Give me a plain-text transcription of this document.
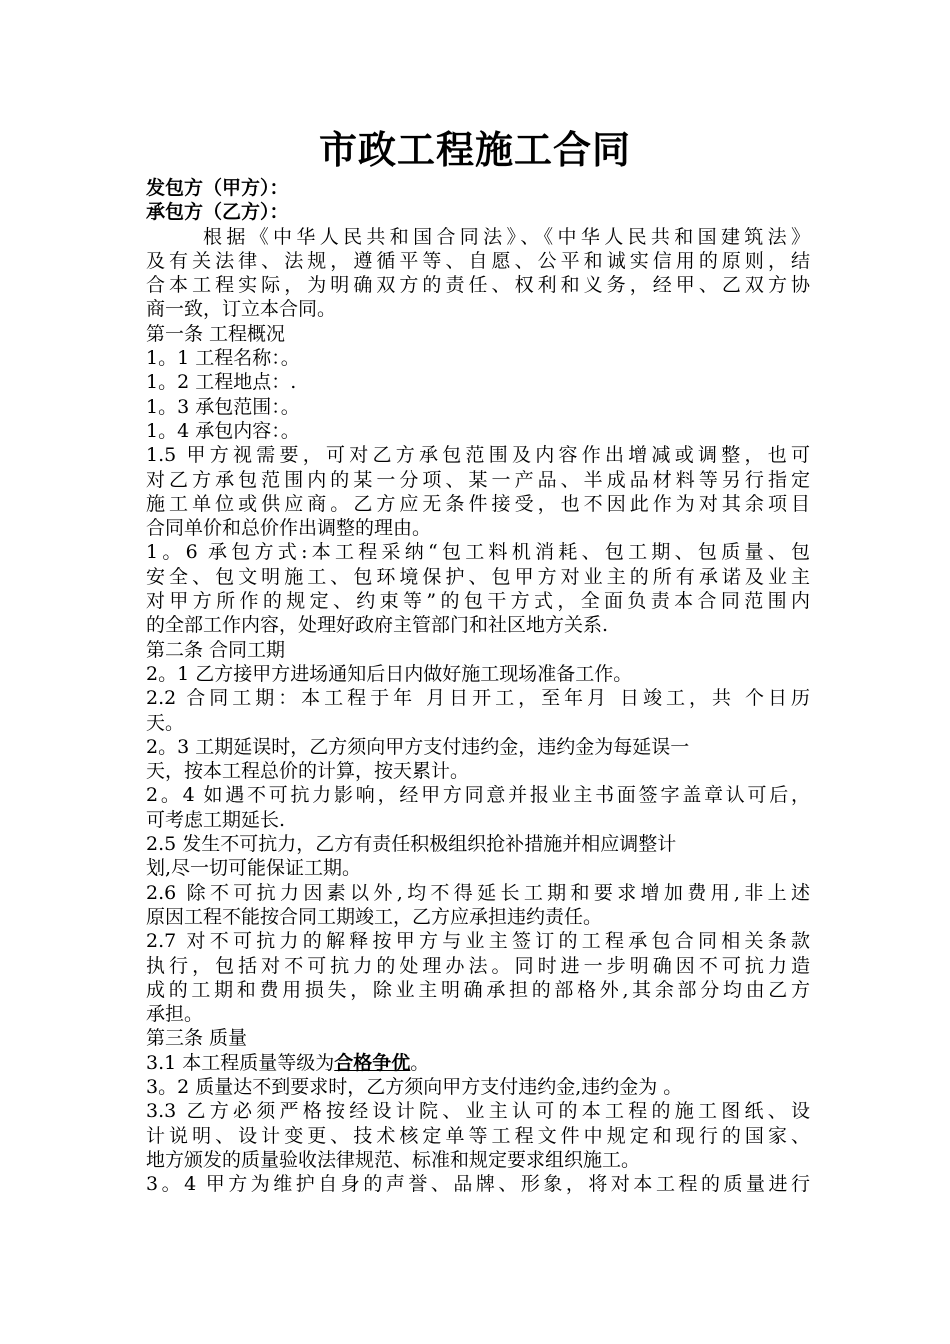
市政工程施工合同
发包方（甲方）：
承包方（乙方）：
根据《中华人民共和国合同法》、《中华人民共和国建筑法》
及有关法律、法规，遵循平等、自愿、公平和诚实信用的原则，结
合本工程实际，为明确双方的责任、权利和义务，经甲、乙双方协
商一致，订立本合同。
第一条 工程概况
1。1 工程名称：。
1。2 工程地点：.
1。3 承包范围：。
1。4 承包内容：。
1.5 甲方视需要，可对乙方承包范围及内容作出增减或调整，也可
对乙方承包范围内的某一分项、某一产品、半成品材料等另行指定
施工单位或供应商。乙方应无条件接受，也不因此作为对其余项目
合同单价和总价作出调整的理由。
1。6 承包方式:本工程采纳“包工料机消耗、包工期、包质量、包
安全、包文明施工、包环境保护、包甲方对业主的所有承诺及业主
对甲方所作的规定、约束等”的包干方式，全面负责本合同范围内
的全部工作内容，处理好政府主管部门和社区地方关系.
第二条 合同工期
2。1 乙方接甲方进场通知后日内做好施工现场准备工作。
2.2 合同工期：本工程于年 月日开工，至年月 日竣工，共 个日历
天。
2。3 工期延误时，乙方须向甲方支付违约金，违约金为每延误一
天，按本工程总价的计算，按天累计。
2。4 如遇不可抗力影响，经甲方同意并报业主书面签字盖章认可后，
可考虑工期延长.
2.5 发生不可抗力，乙方有责任积极组织抢补措施并相应调整计
划,尽一切可能保证工期。
2.6 除不可抗力因素以外,均不得延长工期和要求增加费用,非上述
原因工程不能按合同工期竣工，乙方应承担违约责任。
2.7 对不可抗力的解释按甲方与业主签订的工程承包合同相关条款
执行，包括对不可抗力的处理办法。同时进一步明确因不可抗力造
成的工期和费用损失，除业主明确承担的部格外,其余部分均由乙方
承担。
第三条 质量
3.1 本工程质量等级为合格争优。
3。2 质量达不到要求时，乙方须向甲方支付违约金,违约金为 。
3.3 乙方必须严格按经设计院、业主认可的本工程的施工图纸、设
计说明、设计变更、技术核定单等工程文件中规定和现行的国家、
地方颁发的质量验收法律规范、标准和规定要求组织施工。
3。4 甲方为维护自身的声誉、品牌、形象，将对本工程的质量进行
